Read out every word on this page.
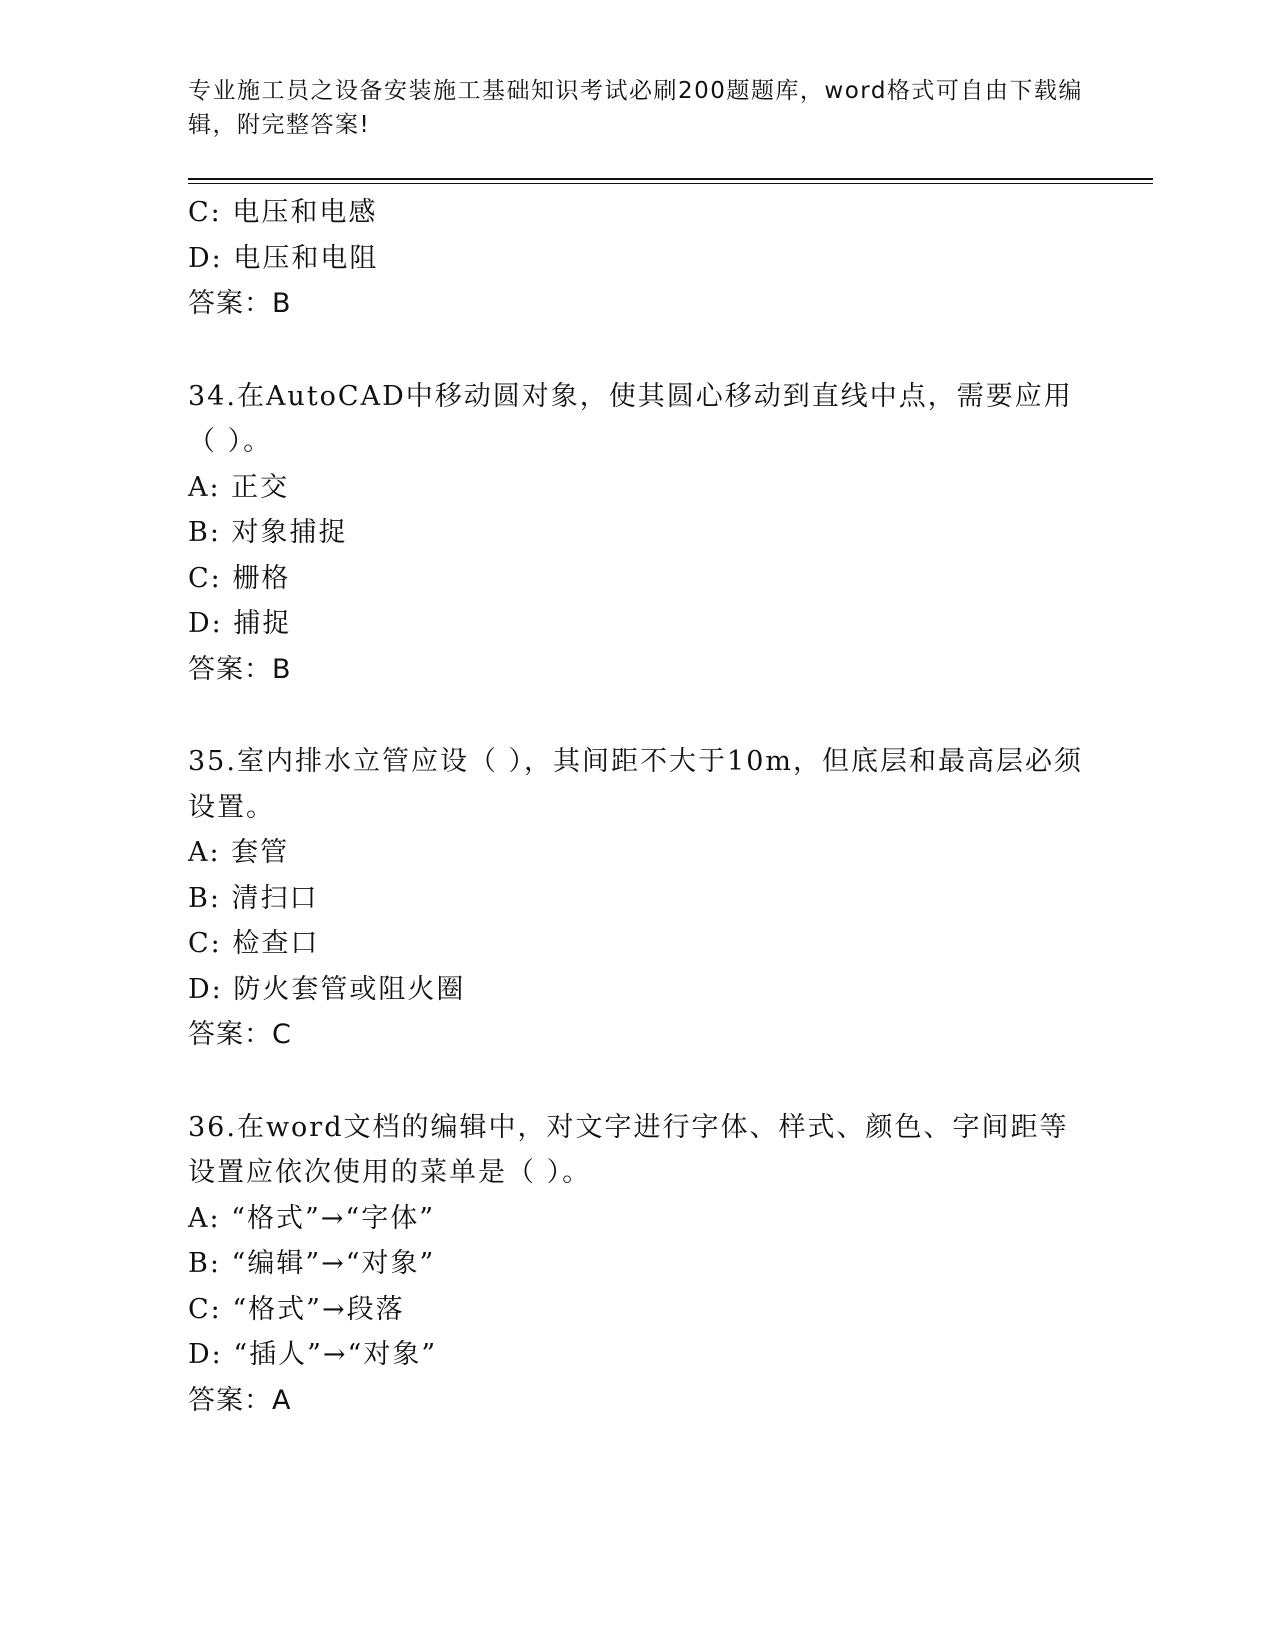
专业施工员之设备安装施工基础知识考试必刷200题题库，word格式可自由下载编辑，附完整答案!
C: 电压和电感
D: 电压和电阻
答案：B
34.在AutoCAD中移动圆对象，使其圆心移动到直线中点，需要应用（ ）。
A: 正交
B: 对象捕捉
C: 栅格
D: 捕捉
答案：B
35.室内排水立管应设（ ），其间距不大于10m，但底层和最高层必须设置。
A: 套管
B: 清扫口
C: 检查口
D: 防火套管或阻火圈
答案：C
36.在word文档的编辑中，对文字进行字体、样式、颜色、字间距等设置应依次使用的菜单是（ ）。
A: “格式”→“字体”
B: “编辑”→“对象”
C: “格式”→段落
D: “插人”→“对象”
答案：A
